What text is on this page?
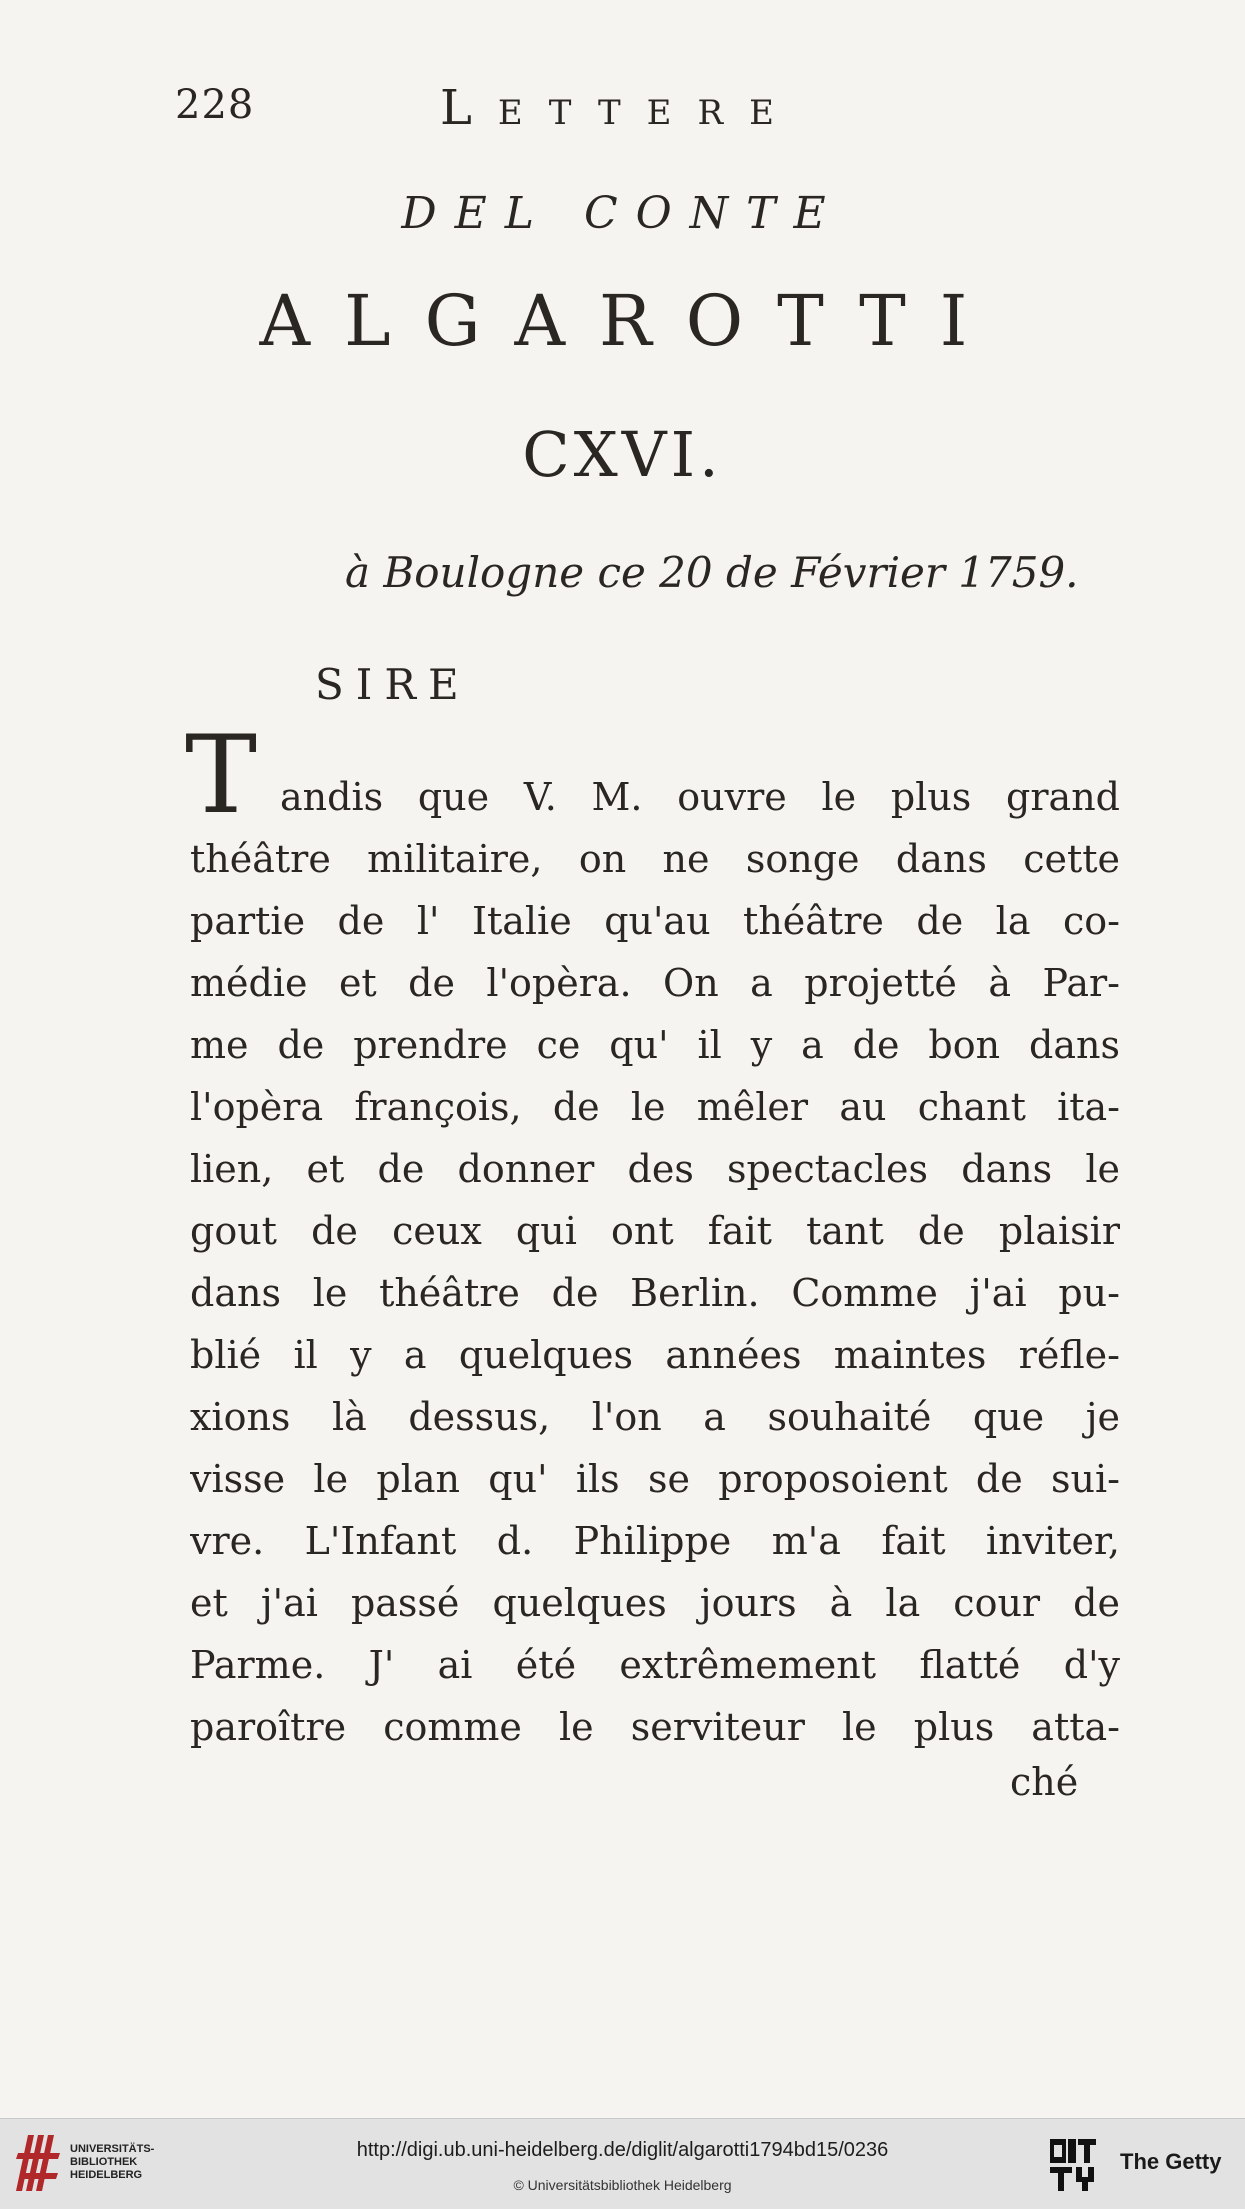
228	Lettere
DEL CONTE
ALGAROTTI
CXVI.
à Boulogne ce 20 de Février 1759.
SIRE
T andis que V. M. ouvre le plus grand
théâtre militaire, on ne songe dans cette
partie de l' Italie qu'au théâtre de la co-
médie et de l'opèra. On a projetté à Par-
me de prendre ce qu' il y a de bon dans
l'opèra françois, de le mêler au chant ita-
lien, et de donner des spectacles dans le
gout de ceux qui ont fait tant de plaisir
dans le théâtre de Berlin. Comme j'ai pu-
blié il y a quelques années maintes réfle-
xions là dessus, l'on a souhaité que je
visse le plan qu' ils se proposoient de sui-
vre. L'Infant d. Philippe m'a fait inviter,
et j'ai passé quelques jours à la cour de
Parme. J' ai été extrêmement flatté d'y
paroître comme le serviteur le plus atta-
ché
UNIVERSITÄTS-
BIBLIOTHEK
HEIDELBERG
http://digi.ub.uni-heidelberg.de/diglit/algarotti1794bd15/0236
© Universitätsbibliothek Heidelberg
The Getty
